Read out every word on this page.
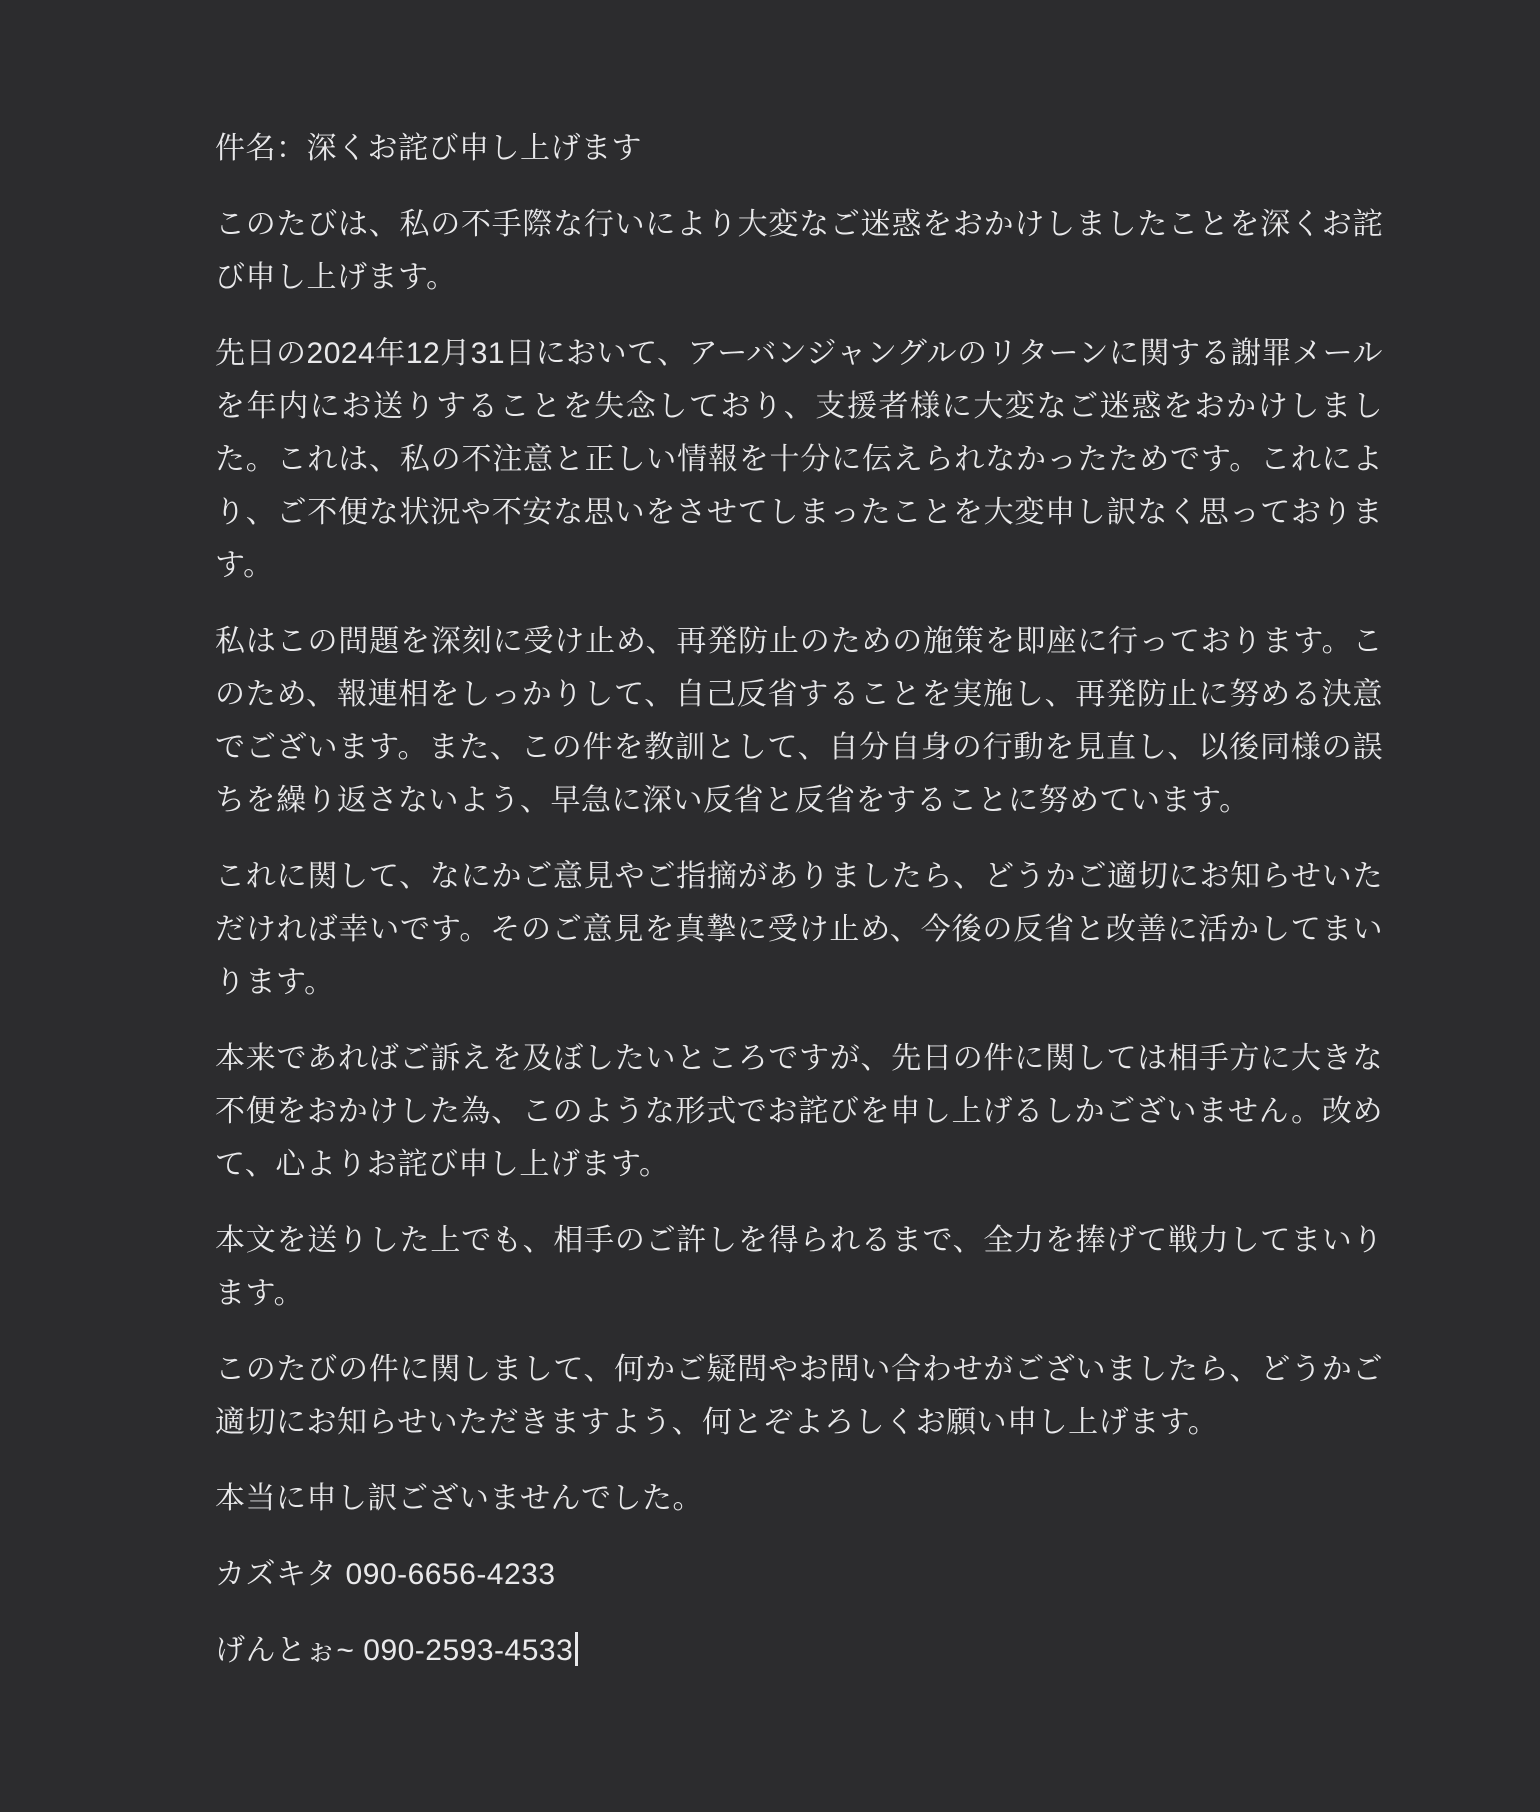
件名：深くお詫び申し上げます

このたびは、私の不手際な行いにより大変なご迷惑をおかけしましたことを深くお詫び申し上げます。

先日の2024年12月31日において、アーバンジャングルのリターンに関する謝罪メールを年内にお送りすることを失念しており、支援者様に大変なご迷惑をおかけしました。これは、私の不注意と正しい情報を十分に伝えられなかったためです。これにより、ご不便な状況や不安な思いをさせてしまったことを大変申し訳なく思っております。

私はこの問題を深刻に受け止め、再発防止のための施策を即座に行っております。このため、報連相をしっかりして、自己反省することを実施し、再発防止に努める決意でございます。また、この件を教訓として、自分自身の行動を見直し、以後同様の誤ちを繰り返さないよう、早急に深い反省と反省をすることに努めています。

これに関して、なにかご意見やご指摘がありましたら、どうかご適切にお知らせいただければ幸いです。そのご意見を真摯に受け止め、今後の反省と改善に活かしてまいります。

本来であればご訴えを及ぼしたいところですが、先日の件に関しては相手方に大きな不便をおかけした為、このような形式でお詫びを申し上げるしかございません。改めて、心よりお詫び申し上げます。

本文を送りした上でも、相手のご許しを得られるまで、全力を捧げて戦力してまいります。

このたびの件に関しまして、何かご疑問やお問い合わせがございましたら、どうかご適切にお知らせいただきますよう、何とぞよろしくお願い申し上げます。

本当に申し訳ございませんでした。

カズキタ 090-6656-4233

げんとぉ~ 090-2593-4533
